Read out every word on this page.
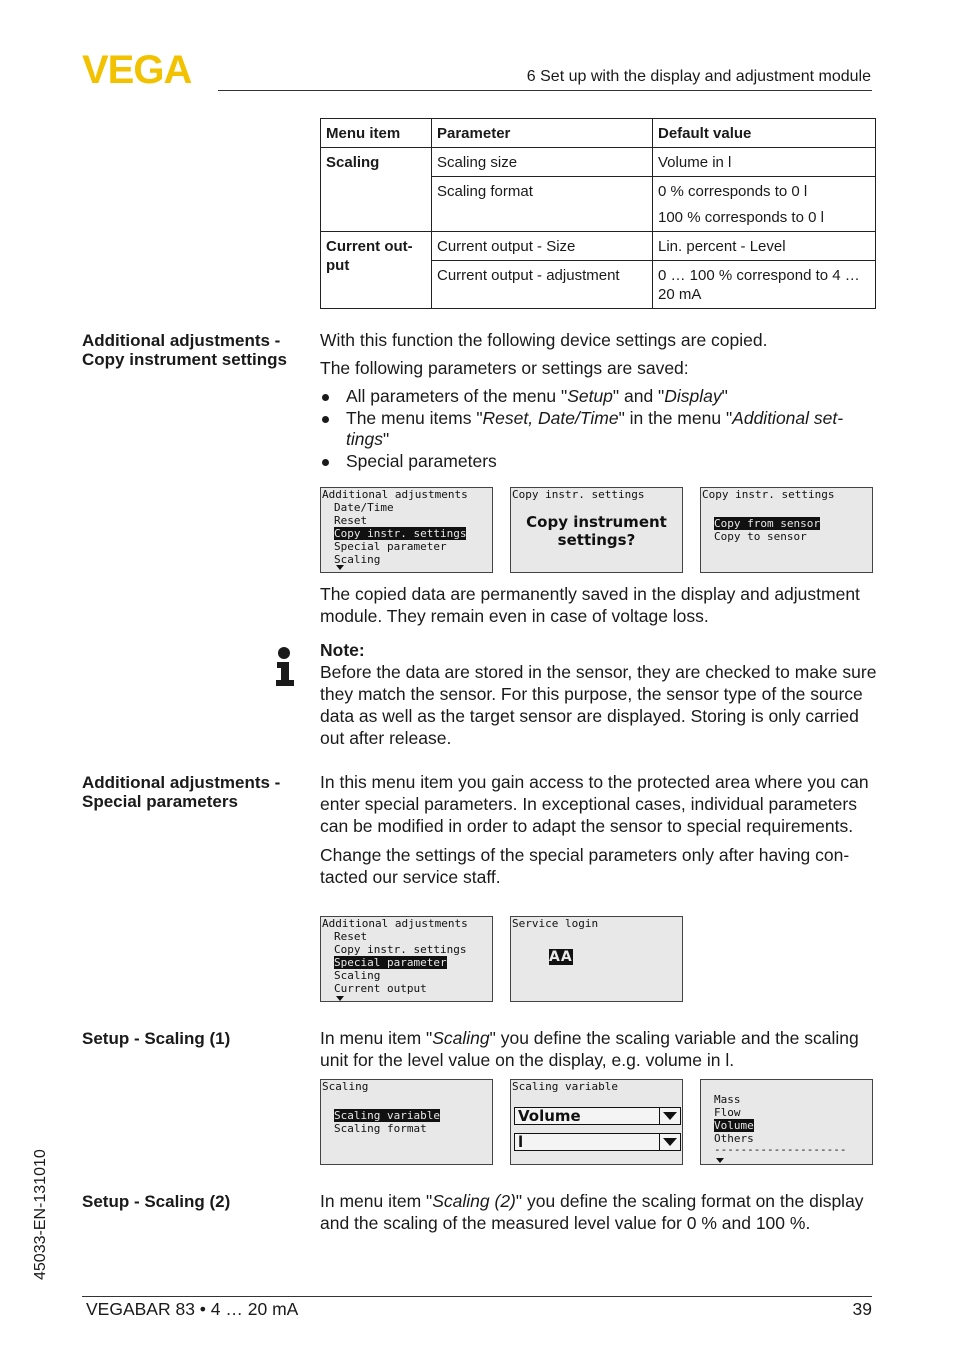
VEGA	6 Set up with the display and adjustment module
Menu item	Parameter	Default value
Scaling	Scaling size	Volume in l
	Scaling format	0 % corresponds to 0 l
100 % corresponds to 0 l

Current out-put	Current output - Size	Lin. percent - Level
	Current output - adjustment	0 … 100 % correspond to 4 … 20 mA
Additional adjustments - Copy instrument settings

With this function the following device settings are copied.

The following parameters or settings are saved:

All parameters of the menu "Setup" and "Display"
The menu items "Reset, Date/Time" in the menu "Additional set-tings"
Special parameters
Additional adjustments
Date/Time
Reset
Copy instr. settings
Special parameter
Scaling
Copy instr. settings
Copy instrument
settings?
Copy instr. settings
Copy from sensor
Copy to sensor
The copied data are permanently saved in the display and adjustment module. They remain even in case of voltage loss.

Note:

Before the data are stored in the sensor, they are checked to make sure they match the sensor. For this purpose, the sensor type of the source data as well as the target sensor are displayed. Storing is only carried out after release.

Additional adjustments - Special parameters

In this menu item you gain access to the protected area where you can enter special parameters. In exceptional cases, individual parameters can be modified in order to adapt the sensor to special requirements.

Change the settings of the special parameters only after having con-tacted our service staff.

Additional adjustments
Reset
Copy instr. settings
Special parameter
Scaling
Current output
Service login
AA
Setup - Scaling (1)	In menu item "Scaling" you define the scaling variable and the scaling unit for the level value on the display, e.g. volume in l.
Scaling
Scaling variable
Scaling format
Scaling variable
Volume
l
Mass
Flow
Volume
Others
--------------------
Setup - Scaling (2)	In menu item "Scaling (2)" you define the scaling format on the display and the scaling of the measured level value for 0 % and 100 %.
45033-EN-131010
VEGABAR 83 • 4 … 20 mA	39
